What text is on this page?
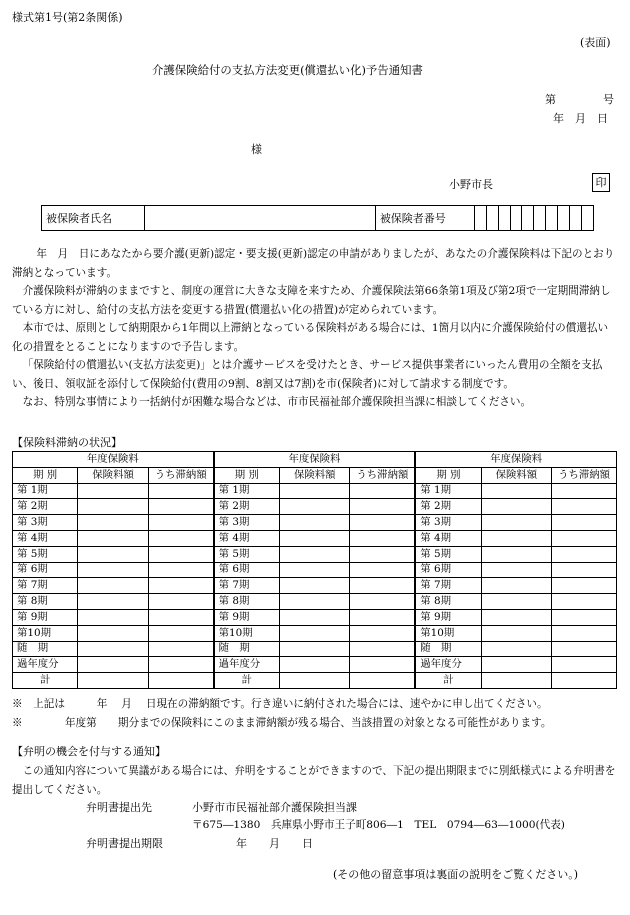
様式第1号(第2条関係)
(表面)
介護保険給付の支払方法変更(償還払い化)予告通知書
第	号
年　月　日
様
小野市長	印
被保険者氏名		被保険者番号										
年　月　日にあなたから要介護(更新)認定・要支援(更新)認定の申請がありましたが、あなたの介護保険料は下記のとおり滞納となっています。
介護保険料が滞納のままですと、制度の運営に大きな支障を来すため、介護保険法第66条第1項及び第2項で一定期間滞納している方に対し、給付の支払方法を変更する措置(償還払い化の措置)が定められています。
本市では、原則として納期限から1年間以上滞納となっている保険料がある場合には、1箇月以内に介護保険給付の償還払い化の措置をとることになりますので予告します。
「保険給付の償還払い(支払方法変更)」とは介護サービスを受けたとき、サービス提供事業者にいったん費用の全額を支払い、後日、領収証を添付して保険給付(費用の9割、8割又は7割)を市(保険者)に対して請求する制度です。
なお、特別な事情により一括納付が困難な場合などは、市市民福祉部介護保険担当課に相談してください。
【保険料滞納の状況】
年度保険料			年度保険料			年度保険料		
期 別	保険料額	うち滞納額	期 別	保険料額	うち滞納額	期 別	保険料額	うち滞納額
第 1期			第 1期			第 1期		
第 2期			第 2期			第 2期		
第 3期			第 3期			第 3期		
第 4期			第 4期			第 4期		
第 5期			第 5期			第 5期		
第 6期			第 6期			第 6期		
第 7期			第 7期			第 7期		
第 8期			第 8期			第 8期		
第 9期			第 9期			第 9期		
第10期			第10期			第10期		
随　期			随　期			随　期		
過年度分			過年度分			過年度分		
計			計			計		
※　上記は　　　年　 月　 日現在の滞納額です。行き違いに納付された場合には、速やかに申し出てください。
※　　　　年度第　　期分までの保険料にこのまま滞納額が残る場合、当該措置の対象となる可能性があります。
【弁明の機会を付与する通知】
この通知内容について異議がある場合には、弁明をすることができますので、下記の提出期限までに別紙様式による弁明書を提出してください。
弁明書提出先	小野市市民福祉部介護保険担当課
〒675―1380　兵庫県小野市王子町806―1　TEL　0794―63―1000(代表)
弁明書提出期限	年　　月　　日
(その他の留意事項は裏面の説明をご覧ください。)
